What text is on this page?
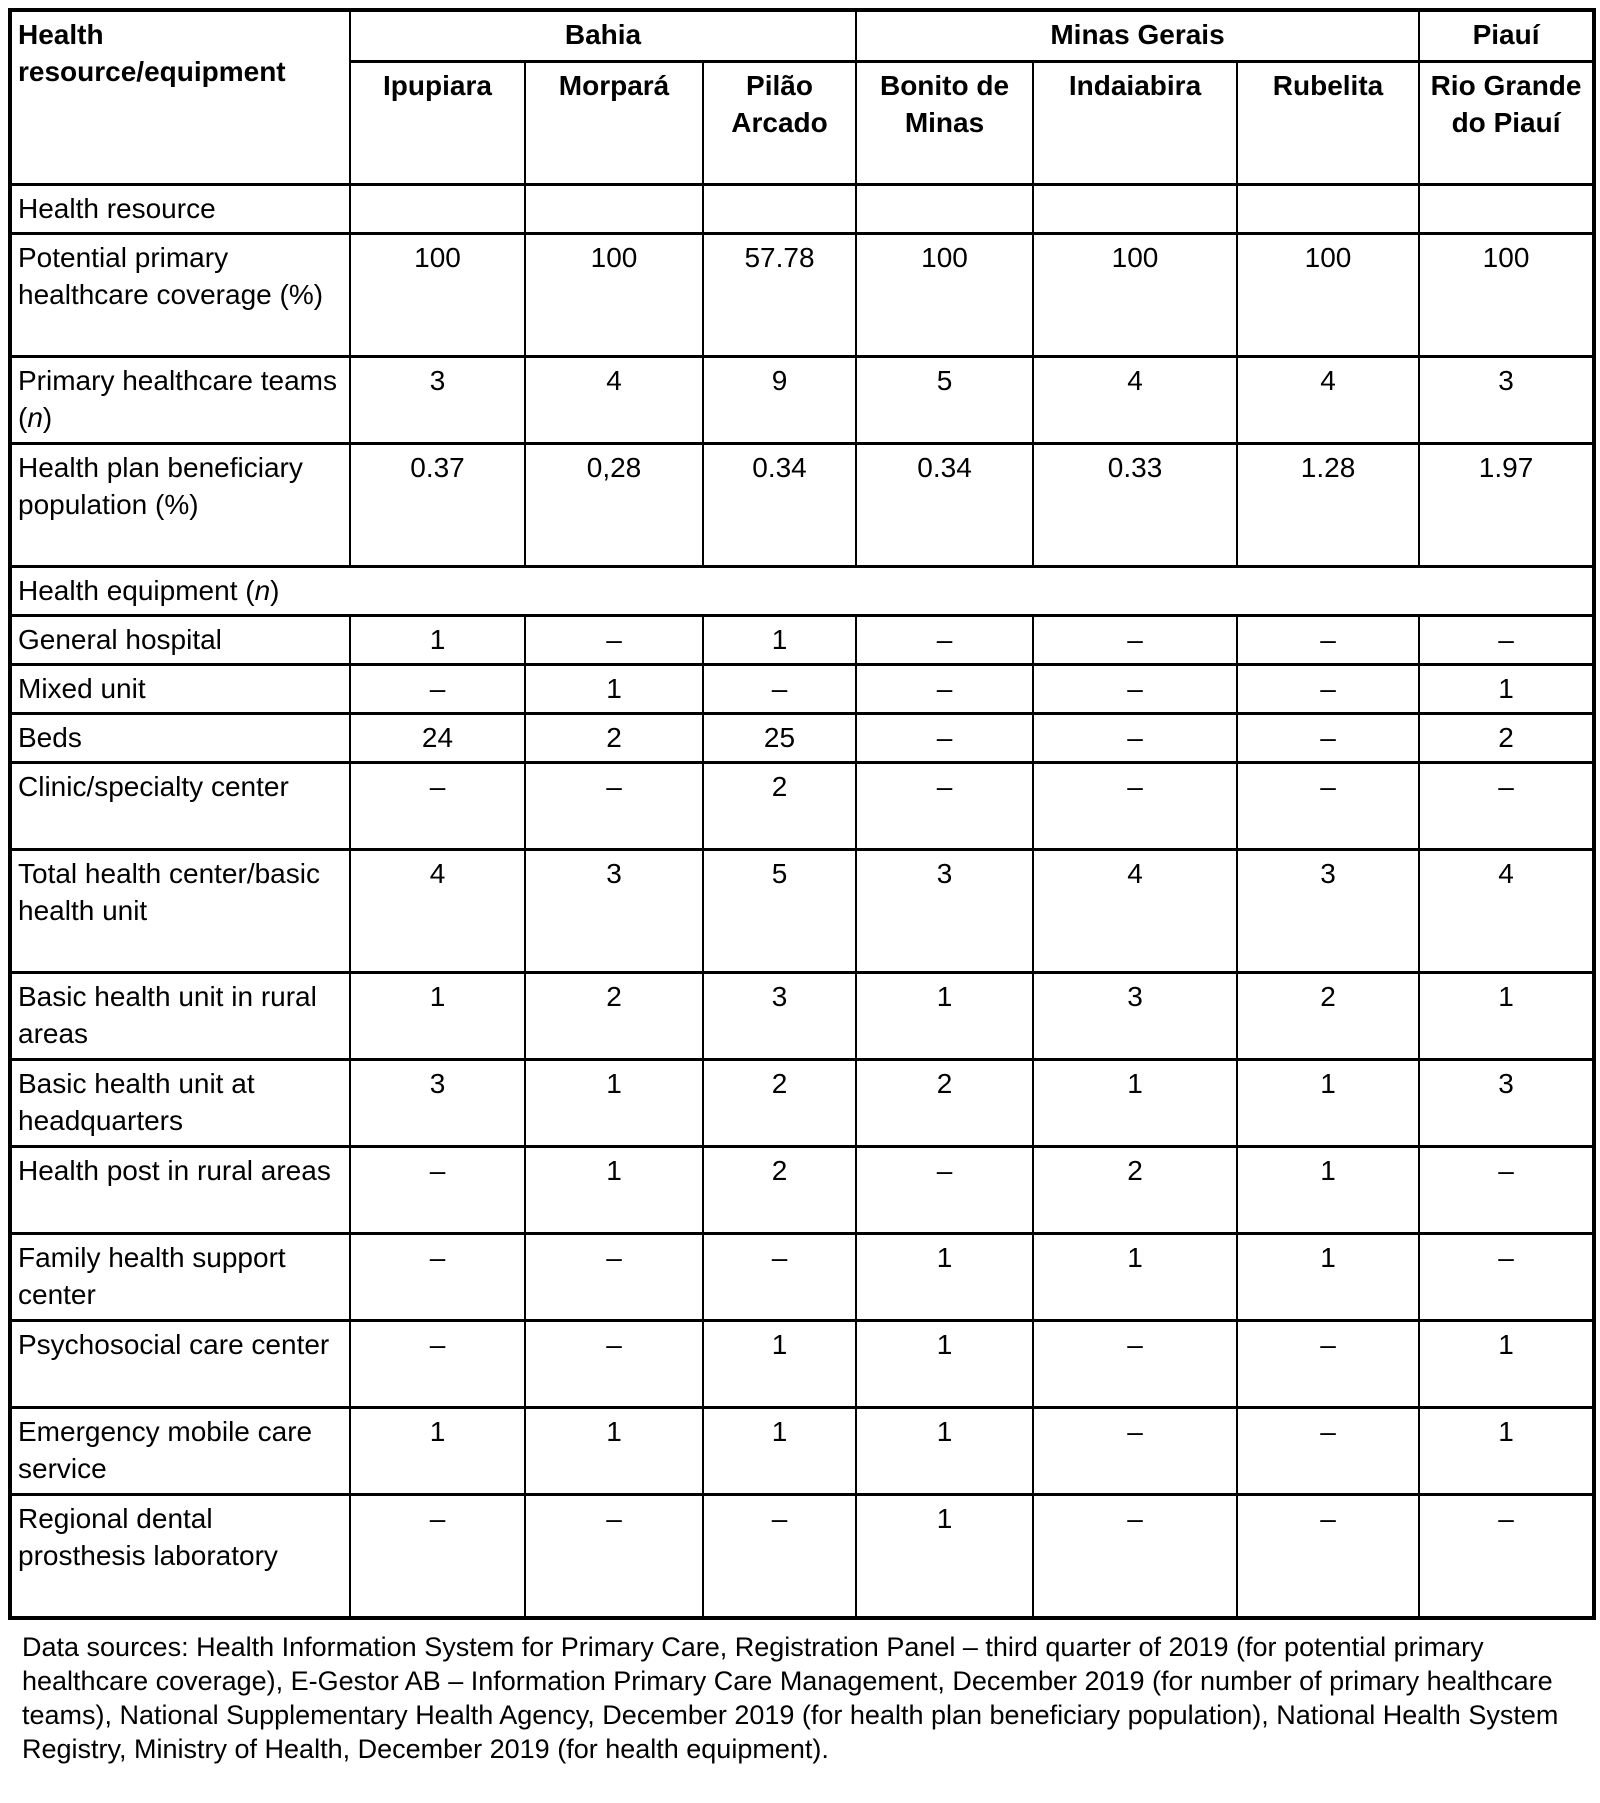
Health resource/equipment	Bahia			Minas Gerais			Piauí
	Ipupiara	Morpará	Pilão Arcado	Bonito de Minas	Indaiabira	Rubelita	Rio Grande do Piauí
Health resource							
Potential primary healthcare coverage (%)	100	100	57.78	100	100	100	100
Primary healthcare teams (n)	3	4	9	5	4	4	3
Health plan beneficiary population (%)	0.37	0,28	0.34	0.34	0.33	1.28	1.97
Health equipment (n)							
General hospital	1	–	1	–	–	–	–
Mixed unit	–	1	–	–	–	–	1
Beds	24	2	25	–	–	–	2
Clinic/specialty center	–	–	2	–	–	–	–
Total health center/basic health unit	4	3	5	3	4	3	4
Basic health unit in rural areas	1	2	3	1	3	2	1
Basic health unit at headquarters	3	1	2	2	1	1	3
Health post in rural areas	–	1	2	–	2	1	–
Family health support center	–	–	–	1	1	1	–
Psychosocial care center	–	–	1	1	–	–	1
Emergency mobile care service	1	1	1	1	–	–	1
Regional dental prosthesis laboratory	–	–	–	1	–	–	–

Data sources: Health Information System for Primary Care, Registration Panel – third quarter of 2019 (for potential primary healthcare coverage), E-Gestor AB – Information Primary Care Management, December 2019 (for number of primary healthcare teams), National Supplementary Health Agency, December 2019 (for health plan beneficiary population), National Health System Registry, Ministry of Health, December 2019 (for health equipment).
